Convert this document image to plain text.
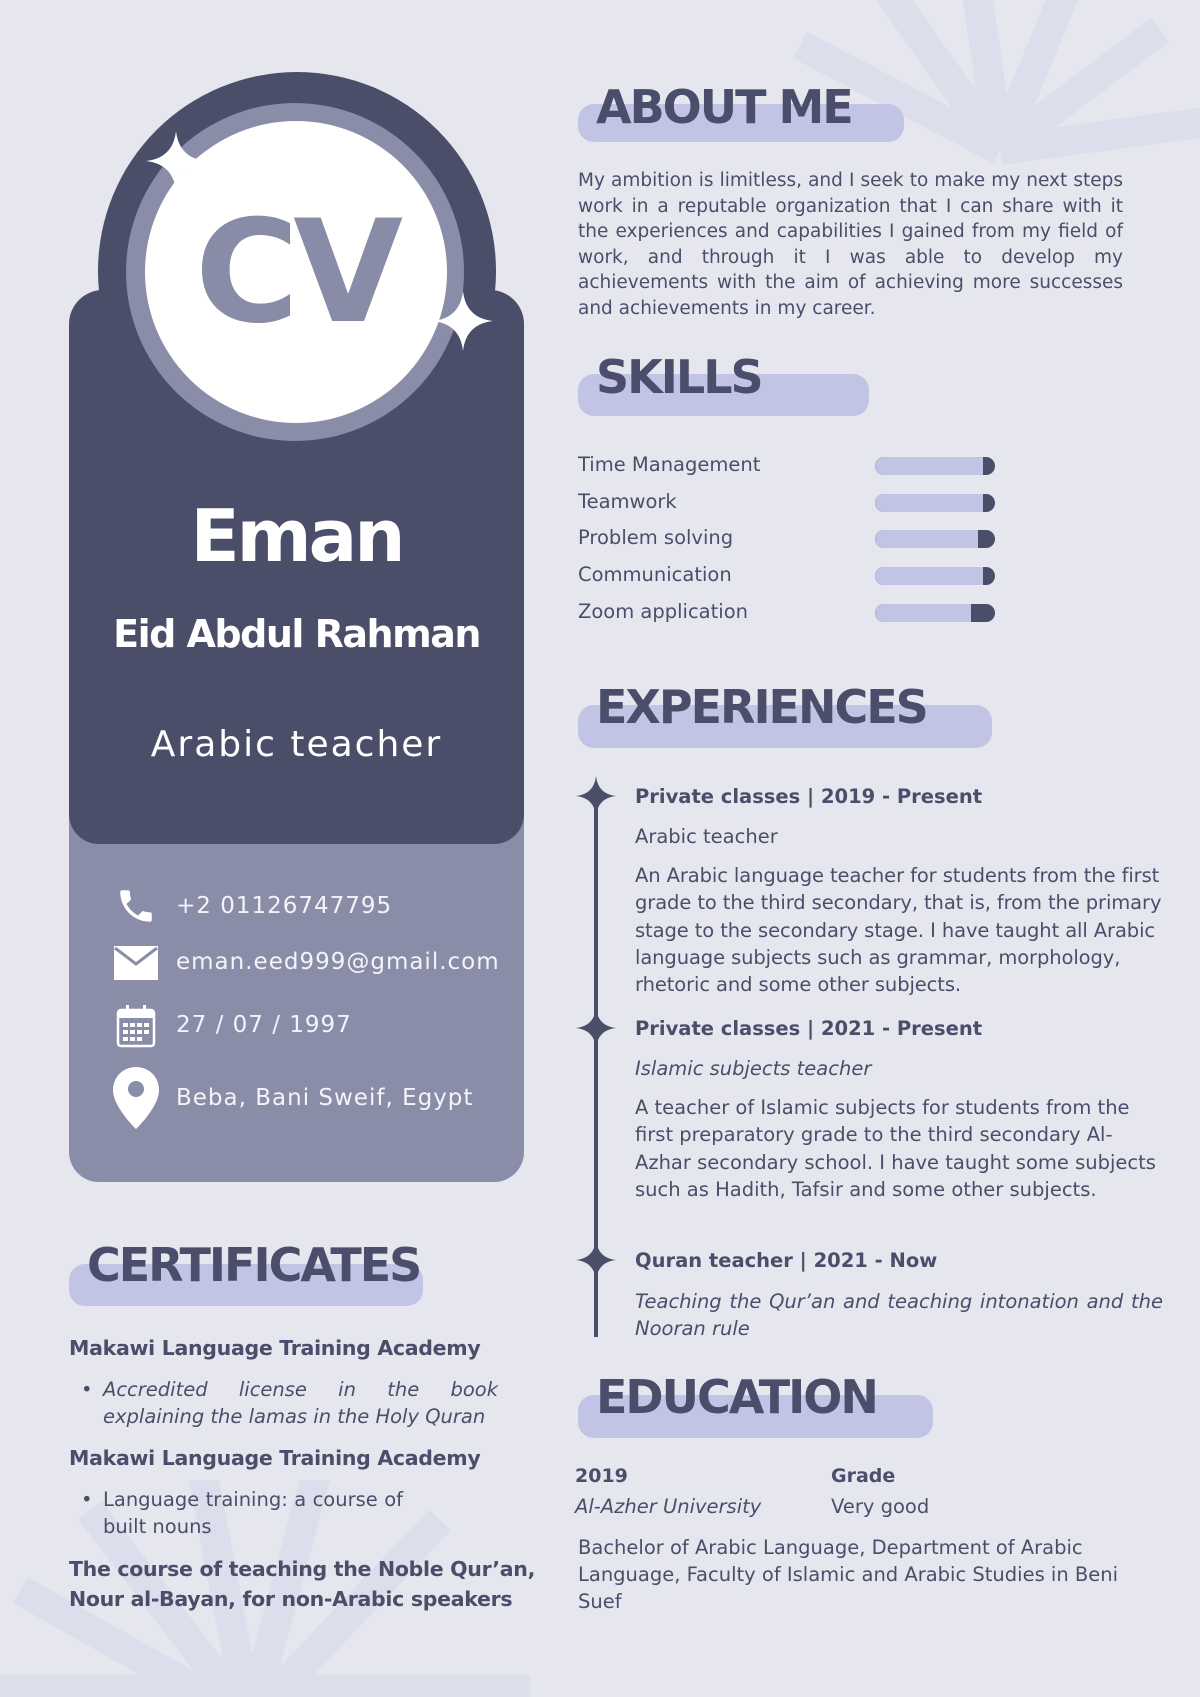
CV
Eman
Eid Abdul Rahman
Arabic teacher
+2 01126747795
eman.eed999@gmail.com
27 / 07 / 1997
Beba, Bani Sweif, Egypt
ABOUT ME
My ambition is limitless, and I seek to make my next steps work in a reputable organization that I can share with it the experiences and capabilities I gained from my field of work, and through it I was able to develop my achievements with the aim of achieving more successes and achievements in my career.
SKILLS
Time Management
Teamwork
Problem solving
Communication
Zoom application
EXPERIENCES
Private classes | 2019 - Present
Arabic teacher
An Arabic language teacher for students from the first grade to the third secondary, that is, from the primary stage to the secondary stage. I have taught all Arabic language subjects such as grammar, morphology, rhetoric and some other subjects.
Private classes | 2021 - Present
Islamic subjects teacher
A teacher of Islamic subjects for students from the first preparatory grade to the third secondary Al-Azhar secondary school. I have taught some subjects such as Hadith, Tafsir and some other subjects.
Quran teacher | 2021 - Now
Teaching the Qur’an and teaching intonation and the Nooran rule
EDUCATION
2019
Al-Azher University
Grade
Very good
Bachelor of Arabic Language, Department of Arabic Language, Faculty of Islamic and Arabic Studies in Beni Suef
CERTIFICATES
Makawi Language Training Academy
• Accredited license in the book explaining the lamas in the Holy Quran
Makawi Language Training Academy
• Language training: a course of built nouns
The course of teaching the Noble Qur’an, Nour al-Bayan, for non-Arabic speakers
